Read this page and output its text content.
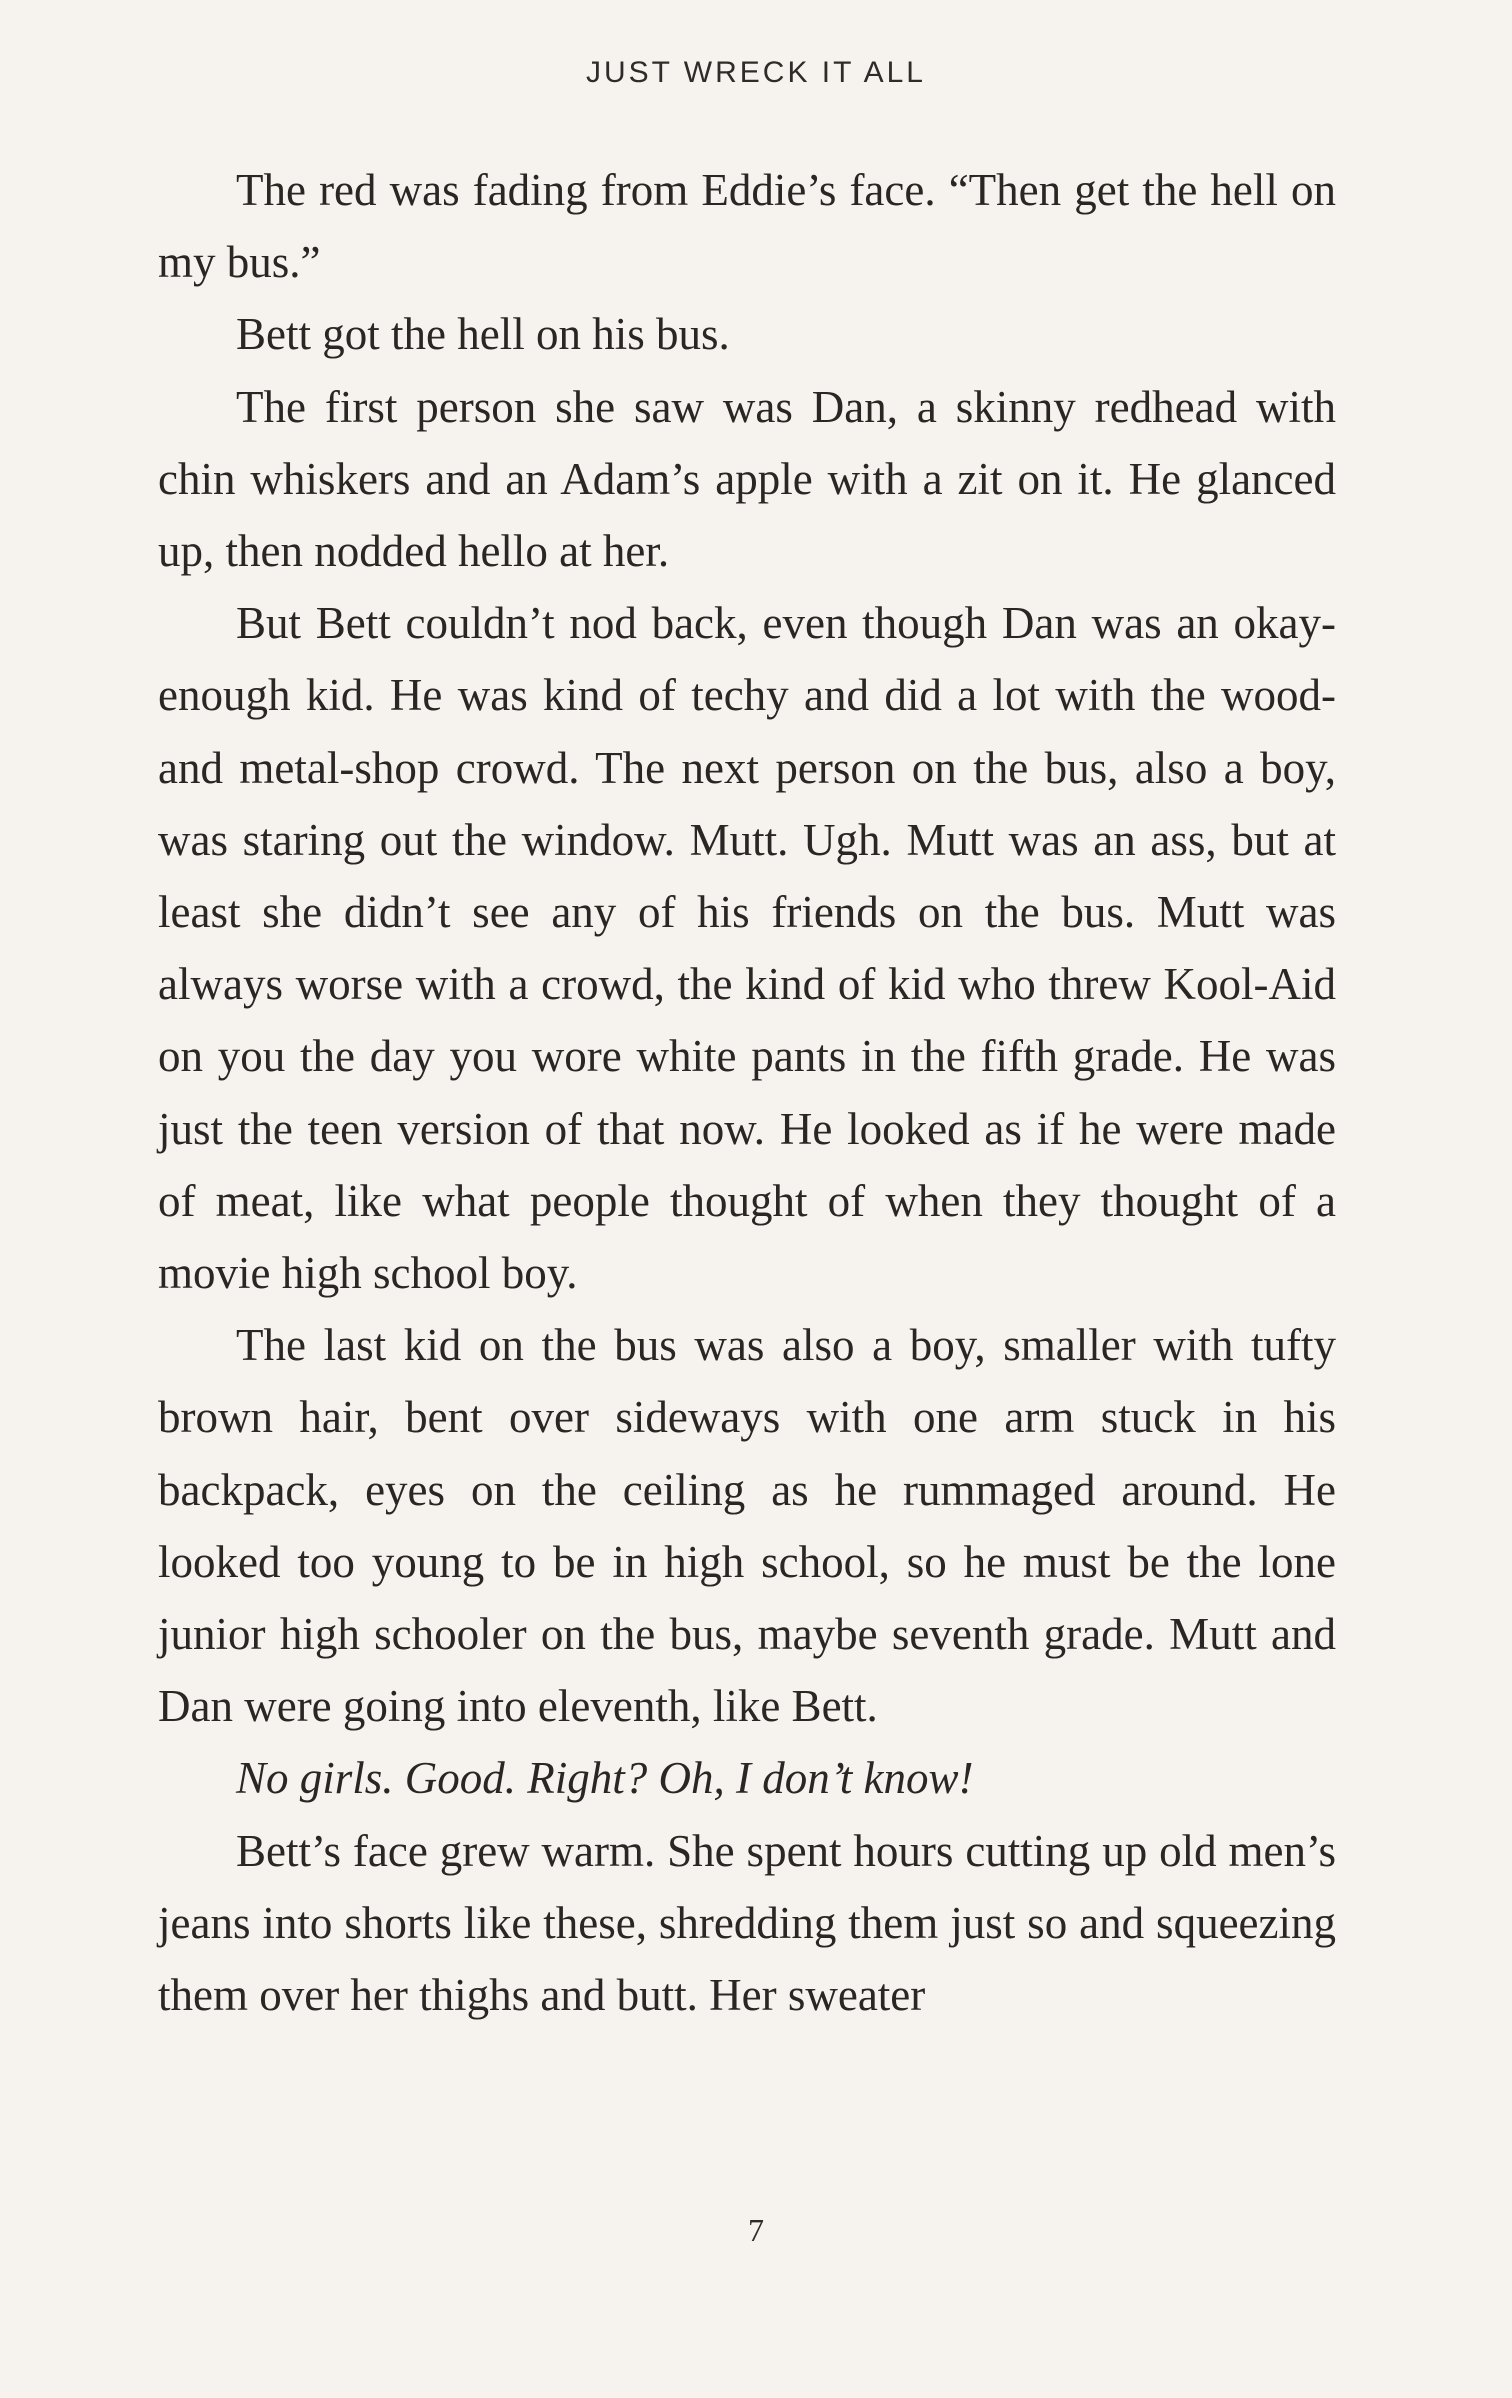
JUST WRECK IT ALL

The red was fading from Eddie’s face. “Then get the hell on my bus.”

Bett got the hell on his bus.

The first person she saw was Dan, a skinny redhead with chin whiskers and an Adam’s apple with a zit on it. He glanced up, then nodded hello at her.

But Bett couldn’t nod back, even though Dan was an okay-enough kid. He was kind of techy and did a lot with the wood- and metal-shop crowd. The next person on the bus, also a boy, was staring out the window. Mutt. Ugh. Mutt was an ass, but at least she didn’t see any of his friends on the bus. Mutt was always worse with a crowd, the kind of kid who threw Kool-Aid on you the day you wore white pants in the fifth grade. He was just the teen version of that now. He looked as if he were made of meat, like what people thought of when they thought of a movie high school boy.

The last kid on the bus was also a boy, smaller with tufty brown hair, bent over sideways with one arm stuck in his backpack, eyes on the ceiling as he rummaged around. He looked too young to be in high school, so he must be the lone junior high schooler on the bus, maybe seventh grade. Mutt and Dan were going into eleventh, like Bett.

No girls. Good. Right? Oh, I don’t know!

Bett’s face grew warm. She spent hours cutting up old men’s jeans into shorts like these, shredding them just so and squeezing them over her thighs and butt. Her sweater

7
